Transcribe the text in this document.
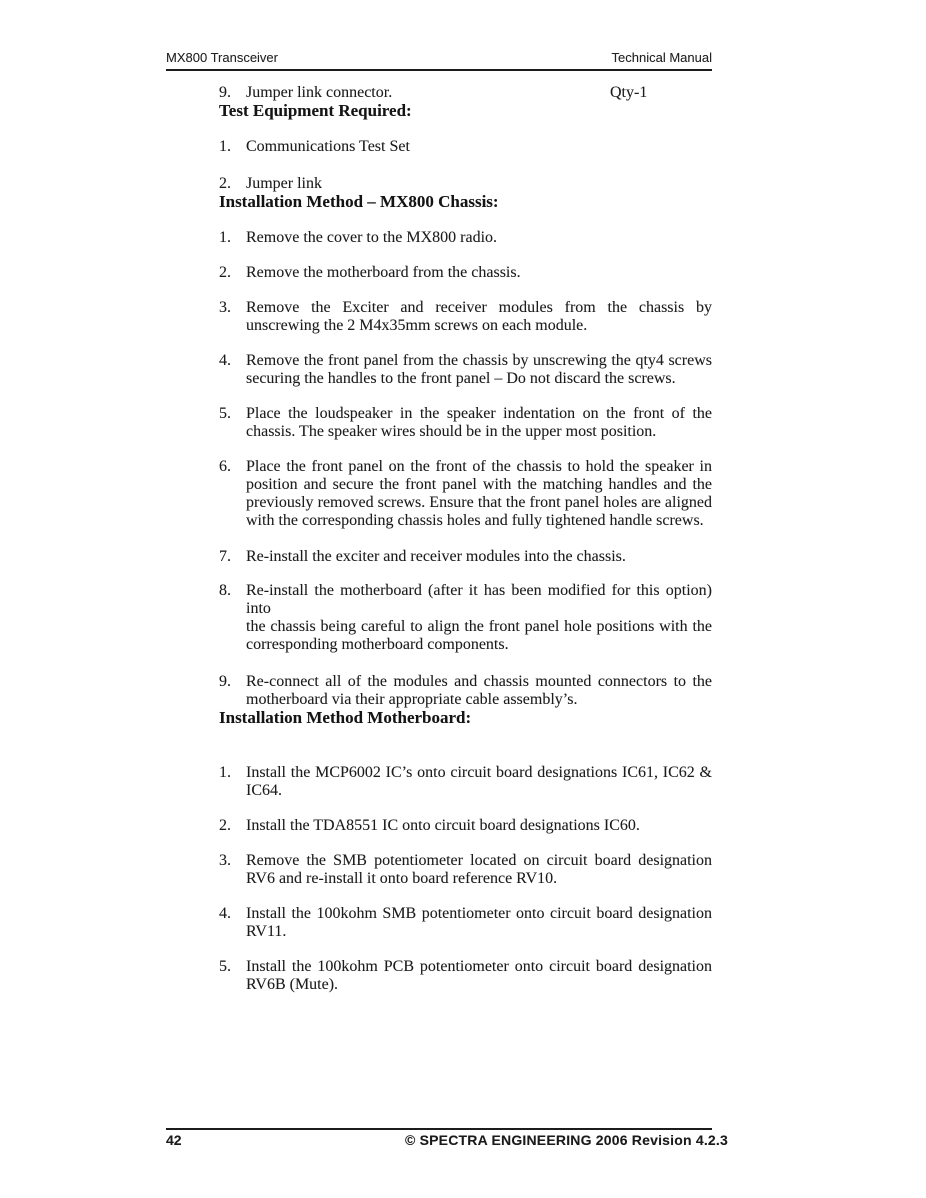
MX800 Transceiver	Technical Manual
9. Jumper link connector.	Qty-1
Test Equipment Required:
1. Communications Test Set
2. Jumper link
Installation Method – MX800 Chassis:
1. Remove the cover to the MX800 radio.
2. Remove the motherboard from the chassis.
3. Remove the Exciter and receiver modules from the chassis by
unscrewing the 2 M4x35mm screws on each module.
4. Remove the front panel from the chassis by unscrewing the qty4 screws
securing the handles to the front panel – Do not discard the screws.
5. Place the loudspeaker in the speaker indentation on the front of the
chassis. The speaker wires should be in the upper most position.
6. Place the front panel on the front of the chassis to hold the speaker in
position and secure the front panel with the matching handles and the
previously removed screws. Ensure that the front panel holes are aligned
with the corresponding chassis holes and fully tightened handle screws.
7. Re-install the exciter and receiver modules into the chassis.
8. Re-install the motherboard (after it has been modified for this option) into
the chassis being careful to align the front panel hole positions with the
corresponding motherboard components.
9. Re-connect all of the modules and chassis mounted connectors to the
motherboard via their appropriate cable assembly’s.
Installation Method Motherboard:
1. Install the MCP6002 IC’s onto circuit board designations IC61, IC62 &
IC64.
2. Install the TDA8551 IC onto circuit board designations IC60.
3. Remove the SMB potentiometer located on circuit board designation
RV6 and re-install it onto board reference RV10.
4. Install the 100kohm SMB potentiometer onto circuit board designation
RV11.
5. Install the 100kohm PCB potentiometer onto circuit board designation
RV6B (Mute).
42	© SPECTRA ENGINEERING 2006 Revision 4.2.3
